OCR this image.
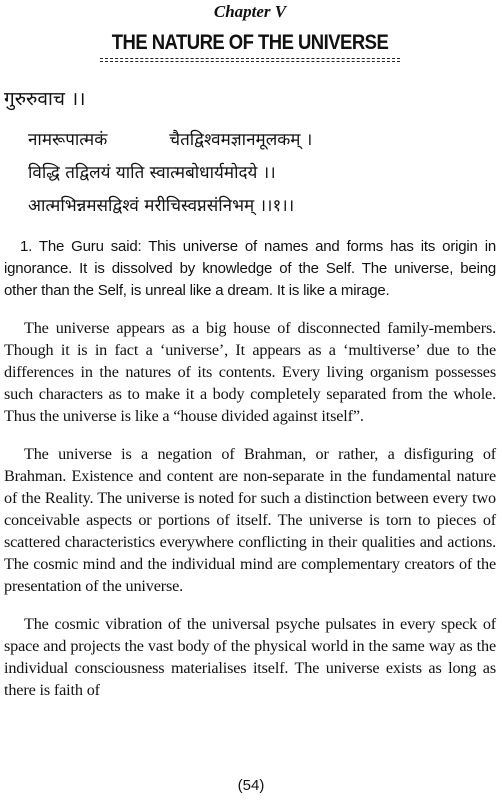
Chapter V
THE NATURE OF THE UNIVERSE
गुरुरुवाच ।।
नामरूपात्मकं	चैतद्विश्वमज्ञानमूलकम् ।
विद्धि तद्विलयं याति स्वात्मबोधार्यमोदये ।।
आत्मभिन्नमसद्विश्वं मरीचिस्वप्नसंनिभम् ।।१।।

1. The Guru said: This universe of names and forms has its origin in ignorance. It is dissolved by knowledge of the Self. The universe, being other than the Self, is unreal like a dream. It is like a mirage.

The universe appears as a big house of disconnected family-members. Though it is in fact a ‘universe’, It appears as a ‘multiverse’ due to the differences in the natures of its contents. Every living organism possesses such characters as to make it a body completely separated from the whole. Thus the universe is like a “house divided against itself”.

The universe is a negation of Brahman, or rather, a disfiguring of Brahman. Existence and content are non-separate in the fundamental nature of the Reality. The universe is noted for such a distinction between every two conceivable aspects or portions of itself. The universe is torn to pieces of scattered characteristics everywhere conflicting in their qualities and actions. The cosmic mind and the individual mind are complementary creators of the presentation of the universe.

The cosmic vibration of the universal psyche pulsates in every speck of space and projects the vast body of the physical world in the same way as the individual consciousness materialises itself. The universe exists as long as there is faith of

(54)
